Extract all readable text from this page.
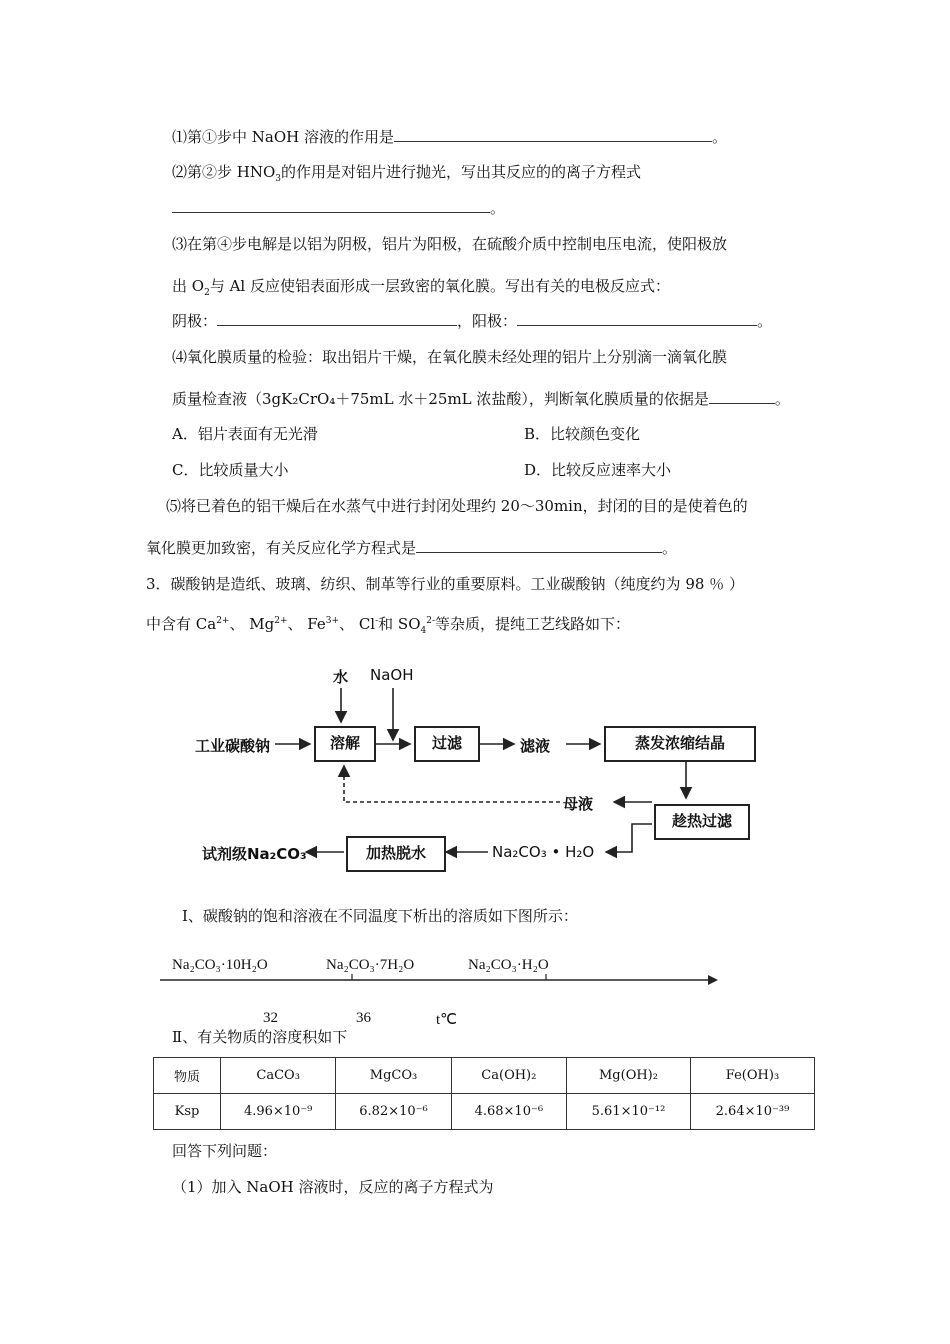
⑴第①步中 NaOH 溶液的作用是	。
⑵第②步 $HNO_3$的作用是对铝片进行抛光，写出其反应的的离子方程式
。
⑶在第④步电解是以铝为阴极，铝片为阳极，在硫酸介质中控制电压电流，使阳极放
出 $O_2$与 Al 反应使铝表面形成一层致密的氧化膜。写出有关的电极反应式：
阴极：	，阳极：	。
⑷氧化膜质量的检验：取出铝片干燥，在氧化膜未经处理的铝片上分别滴一滴氧化膜
质量检查液（3gK₂CrO₄＋75mL 水＋25mL 浓盐酸），判断氧化膜质量的依据是	。
A．铝片表面有无光滑	B．比较颜色变化
C．比较质量大小	D．比较反应速率大小
⑸将已着色的铝干燥后在水蒸气中进行封闭处理约 20～30min，封闭的目的是使着色的
氧化膜更加致密，有关反应化学方程式是	。
3．碳酸钠是造纸、玻璃、纺织、制革等行业的重要原料。工业碳酸钠（纯度约为 98 ％ ）
中含有 $Ca^{2+}$、 $Mg^{2+}$、 $Fe^{3+}$、 Cl-和 $SO_4^{2-}$等杂质，提纯工艺线路如下：
水 NaOH
工业碳酸钠	溶解	过滤	滤液	蒸发浓缩结晶
母液
趁热过滤
Na₂CO₃ • H₂O
加热脱水
试剂级Na₂CO₃
Ⅰ、碳酸钠的饱和溶液在不同温度下析出的溶质如下图所示：
Na₂CO₃·10H₂O	Na₂CO₃·7H₂O	Na₂CO₃·H₂O
32	36	t℃
Ⅱ、有关物质的溶度积如下
物质	CaCO₃	MgCO₃	Ca(OH)₂	Mg(OH)₂	Fe(OH)₃
Ksp	4.96×10⁻⁹	6.82×10⁻⁶	4.68×10⁻⁶	5.61×10⁻¹²	2.64×10⁻³⁹
回答下列问题：
（1）加入 NaOH 溶液时，反应的离子方程式为
